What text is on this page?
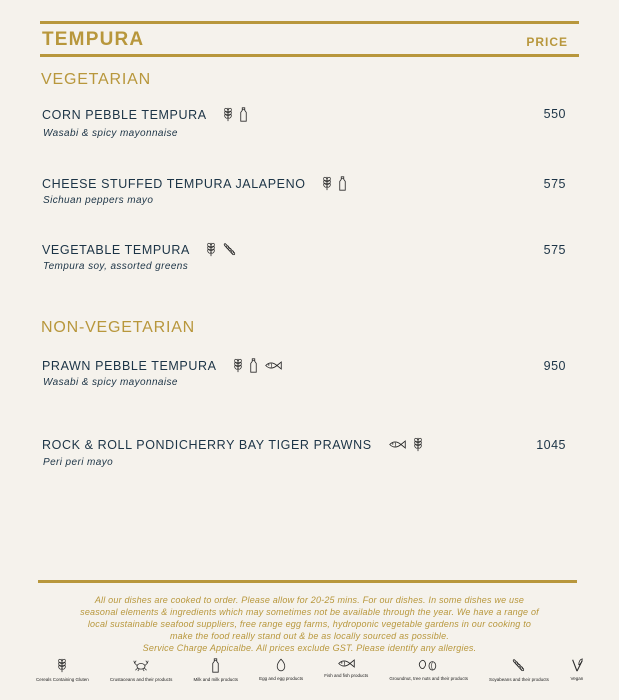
TEMPURA	PRICE
VEGETARIAN
CORN PEBBLE TEMPURA
Wasabi & spicy mayonnaise
550
CHEESE STUFFED TEMPURA JALAPENO
Sichuan peppers mayo
575
VEGETABLE TEMPURA
Tempura soy, assorted greens
575
NON-VEGETARIAN
PRAWN PEBBLE TEMPURA
Wasabi & spicy mayonnaise
950
ROCK & ROLL PONDICHERRY BAY TIGER PRAWNS
Peri peri mayo
1045
All our dishes are cooked to order. Please allow for 20-25 mins. For our dishes. In some dishes we use
seasonal elements & ingredients which may sometimes not be available through the year. We have a range of
local sustainable seafood suppliers, free range egg farms, hydroponic vegetable gardens in our cooking to
make the food really stand out & be as locally sourced as possible.
Service Charge Appicalbe. All prices exclude GST. Please identify any allergies.
Cereals Containing Gluten	Crustaceans and their products	Milk and milk products	Egg and egg products
Fish and fish products
Groundnut, tree nuts and their products	Soyabeans and their products	Vegan
